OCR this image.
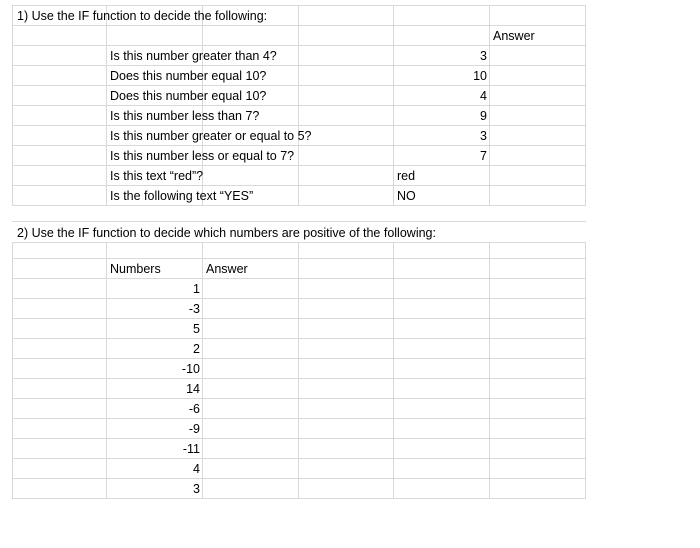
1) Use the IF function to decide the following:
Answer
Is this number greater than 4?	3
Does this number equal 10?	10
Does this number equal 10?	4
Is this number less than 7?	9
Is this number greater or equal to 5?	3
Is this number less or equal to 7?	7
Is this text “red”?	red
Is the following text “YES”	NO
2) Use the IF function to decide which numbers are positive of the following:
Numbers	Answer
1
-3
5
2
-10
14
-6
-9
-11
4
3
